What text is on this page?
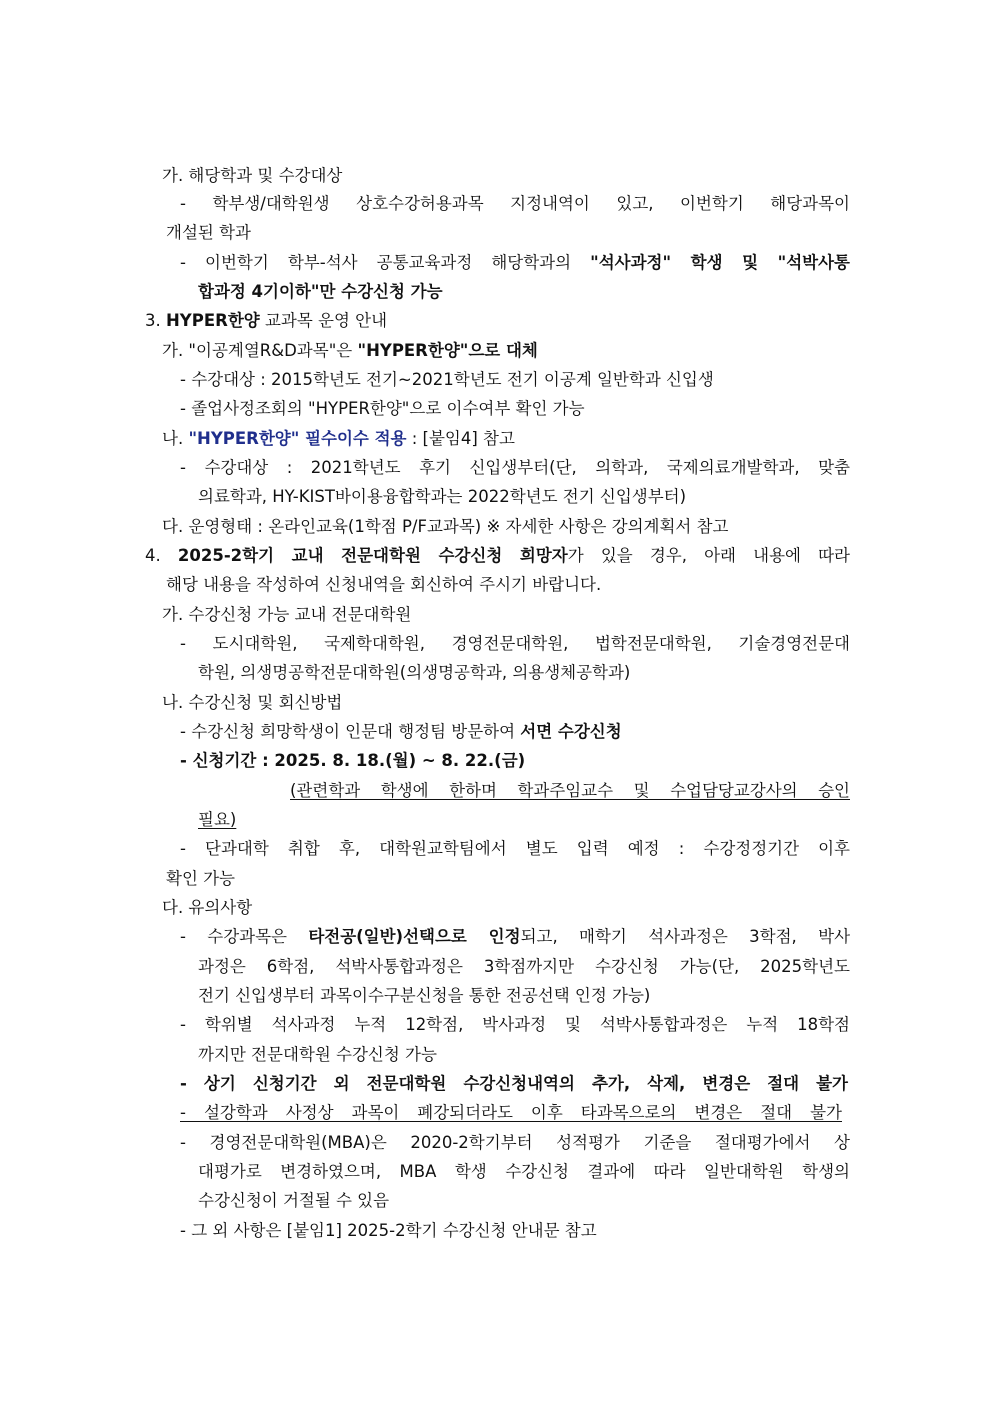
가. 해당학과 및 수강대상
- 학부생/대학원생 상호수강허용과목 지정내역이 있고, 이번학기 해당과목이
개설된 학과
- 이번학기 학부-석사 공통교육과정 해당학과의 "석사과정" 학생 및 "석박사통
합과정 4기이하"만 수강신청 가능
3. HYPER한양 교과목 운영 안내
가. "이공계열R&D과목"은 "HYPER한양"으로 대체
- 수강대상 : 2015학년도 전기~2021학년도 전기 이공계 일반학과 신입생
- 졸업사정조회의 "HYPER한양"으로 이수여부 확인 가능
나. "HYPER한양" 필수이수 적용 : [붙임4] 참고
- 수강대상 : 2021학년도 후기 신입생부터(단, 의학과, 국제의료개발학과, 맞춤
의료학과, HY-KIST바이용융합학과는 2022학년도 전기 신입생부터)
다. 운영형태 : 온라인교육(1학점 P/F교과목) ※ 자세한 사항은 강의계획서 참고
4. 2025-2학기 교내 전문대학원 수강신청 희망자가 있을 경우, 아래 내용에 따라
해당 내용을 작성하여 신청내역을 회신하여 주시기 바랍니다.
가. 수강신청 가능 교내 전문대학원
- 도시대학원, 국제학대학원, 경영전문대학원, 법학전문대학원, 기술경영전문대
학원, 의생명공학전문대학원(의생명공학과, 의용생체공학과)
나. 수강신청 및 회신방법
- 수강신청 희망학생이 인문대 행정팀 방문하여 서면 수강신청
- 신청기간 : 2025. 8. 18.(월) ~ 8. 22.(금)
(관련학과 학생에 한하며 학과주임교수 및 수업담당교강사의 승인
필요)
- 단과대학 취합 후, 대학원교학팀에서 별도 입력 예정 : 수강정정기간 이후
확인 가능
다. 유의사항
- 수강과목은 타전공(일반)선택으로 인정되고, 매학기 석사과정은 3학점, 박사
과정은 6학점, 석박사통합과정은 3학점까지만 수강신청 가능(단, 2025학년도
전기 신입생부터 과목이수구분신청을 통한 전공선택 인정 가능)
- 학위별 석사과정 누적 12학점, 박사과정 및 석박사통합과정은 누적 18학점
까지만 전문대학원 수강신청 가능
- 상기 신청기간 외 전문대학원 수강신청내역의 추가, 삭제, 변경은 절대 불가
- 설강학과 사정상 과목이 폐강되더라도 이후 타과목으로의 변경은 절대 불가
- 경영전문대학원(MBA)은 2020-2학기부터 성적평가 기준을 절대평가에서 상
대평가로 변경하였으며, MBA 학생 수강신청 결과에 따라 일반대학원 학생의
수강신청이 거절될 수 있음
- 그 외 사항은 [붙임1] 2025-2학기 수강신청 안내문 참고
